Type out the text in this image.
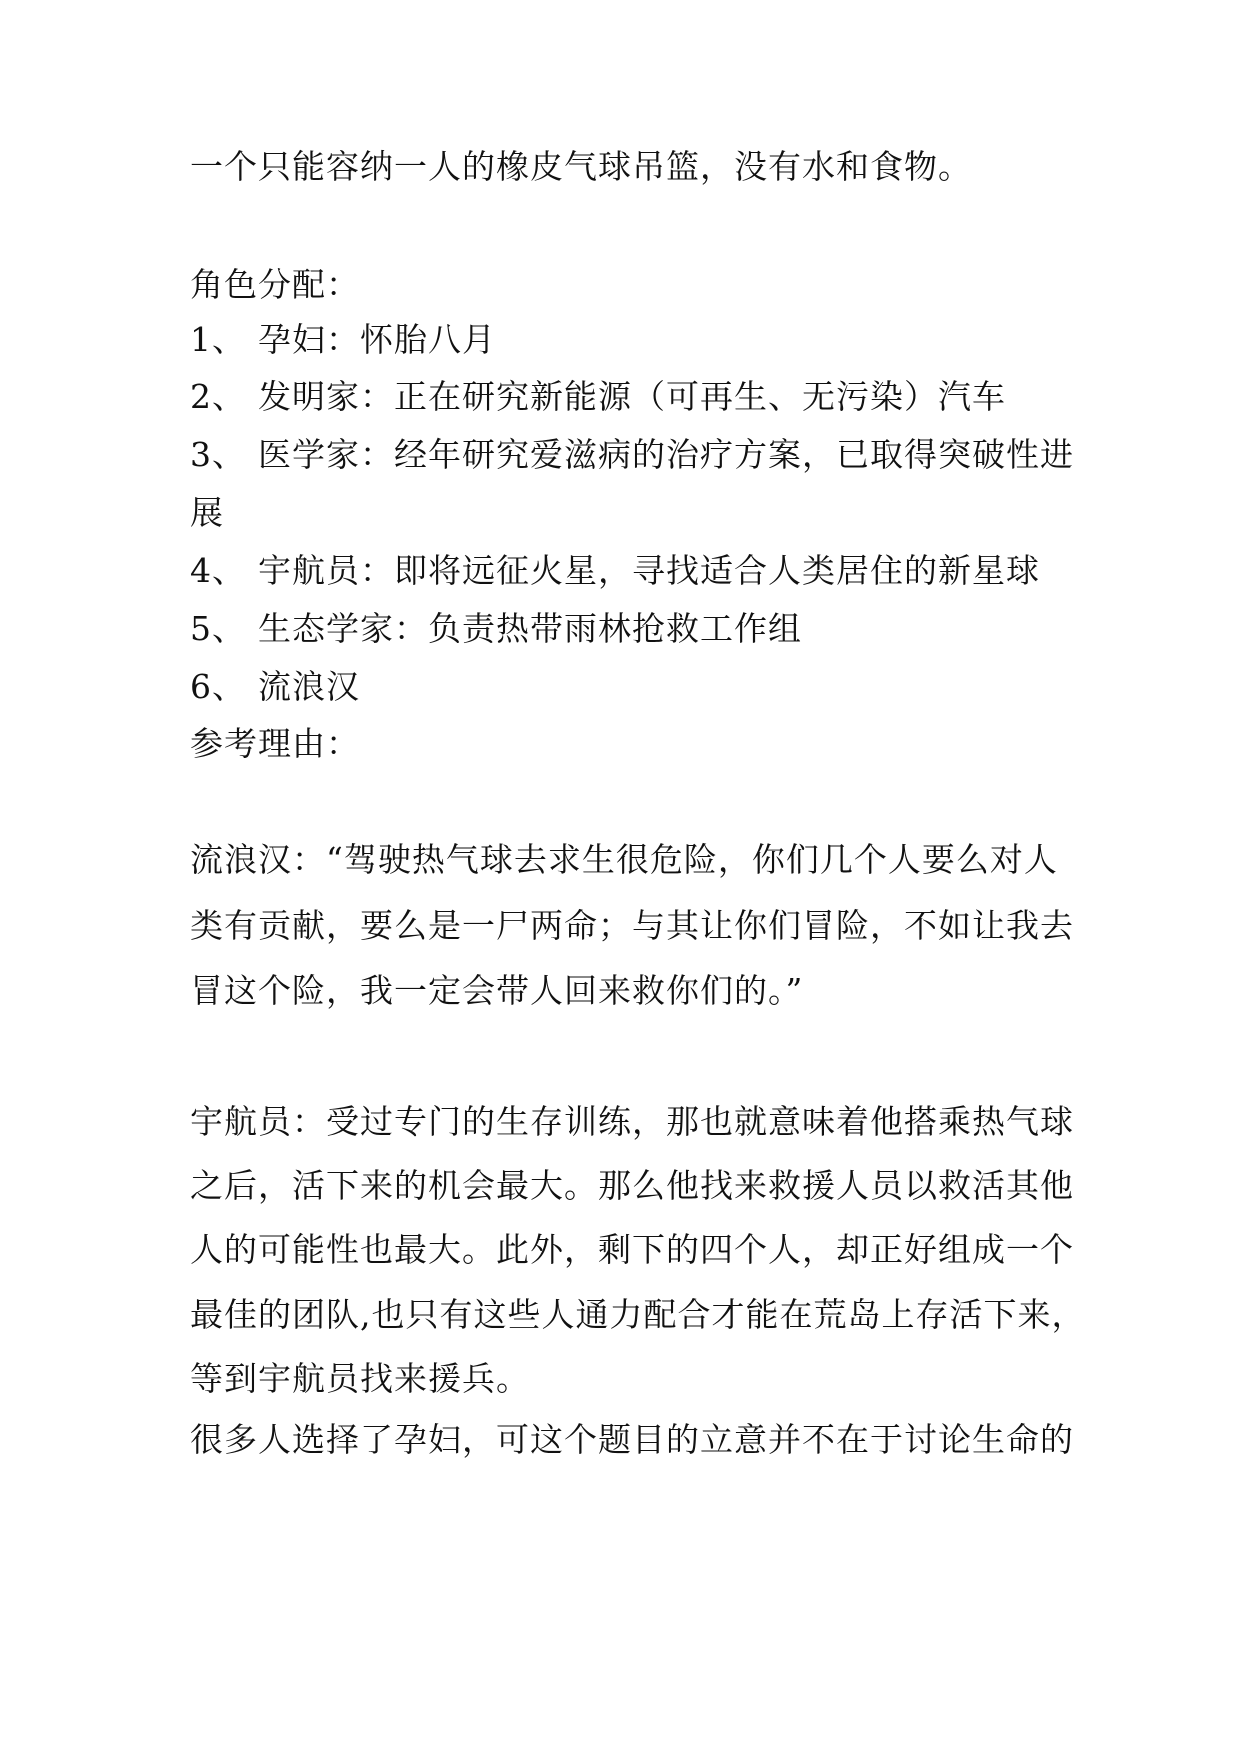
一个只能容纳一人的橡皮气球吊篮，没有水和食物。
角色分配：
1、 孕妇：怀胎八月
2、 发明家：正在研究新能源（可再生、无污染）汽车
3、 医学家：经年研究爱滋病的治疗方案，已取得突破性进
展
4、 宇航员：即将远征火星，寻找适合人类居住的新星球
5、 生态学家：负责热带雨林抢救工作组
6、 流浪汉
参考理由：
流浪汉：“驾驶热气球去求生很危险，你们几个人要么对人
类有贡献，要么是一尸两命；与其让你们冒险，不如让我去
冒这个险，我一定会带人回来救你们的。”
宇航员：受过专门的生存训练，那也就意味着他搭乘热气球
之后，活下来的机会最大。那么他找来救援人员以救活其他
人的可能性也最大。此外，剩下的四个人，却正好组成一个
最佳的团队,也只有这些人通力配合才能在荒岛上存活下来，
等到宇航员找来援兵。
很多人选择了孕妇，可这个题目的立意并不在于讨论生命的
